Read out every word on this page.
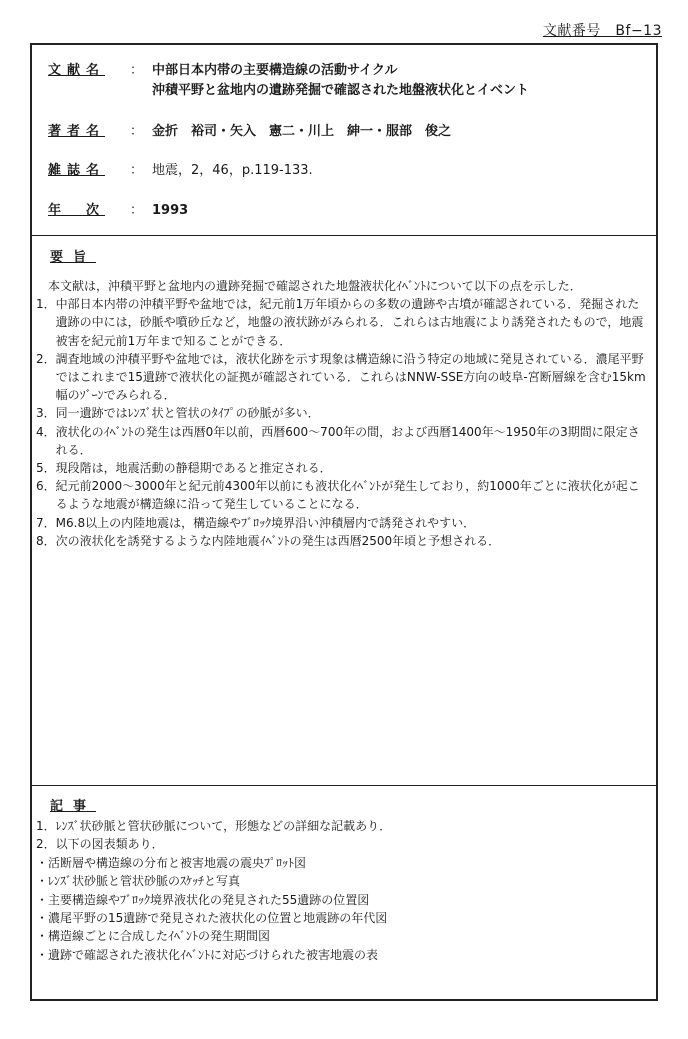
文献番号　Bf−13
文献名 ： 中部日本内帯の主要構造線の活動サイクル
沖積平野と盆地内の遺跡発掘で確認された地盤液状化とイベント
著者名 ： 金折　裕司・矢入　憲二・川上　紳一・服部　俊之
雑誌名 ： 地震，2，46，p.119-133.
年　次 ： 1993
要旨

本文献は，沖積平野と盆地内の遺跡発掘で確認された地盤液状化ｲﾍﾞﾝﾄについて以下の点を示した．

1． 中部日本内帯の沖積平野や盆地では，紀元前1万年頃からの多数の遺跡や古墳が確認されている．発掘された遺跡の中には，砂脈や噴砂丘など，地盤の液状跡がみられる．これらは古地震により誘発されたもので，地震被害を紀元前1万年まで知ることができる．
2． 調査地域の沖積平野や盆地では，液状化跡を示す現象は構造線に沿う特定の地域に発見されている．濃尾平野ではこれまで15遺跡で液状化の証拠が確認されている．これらはNNW-SSE方向の岐阜-宮断層線を含む15km幅のｿﾞｰﾝでみられる．
3． 同一遺跡ではﾚﾝｽﾞ状と管状のﾀｲﾌﾟの砂脈が多い．
4． 液状化のｲﾍﾞﾝﾄの発生は西暦0年以前，西暦600〜700年の間，および西暦1400年〜1950年の3期間に限定される．
5． 現段階は，地震活動の静穏期であると推定される．
6． 紀元前2000〜3000年と紀元前4300年以前にも液状化ｲﾍﾞﾝﾄが発生しており，約1000年ごとに液状化が起こるような地震が構造線に沿って発生していることになる．
7． M6.8以上の内陸地震は，構造線やﾌﾞﾛｯｸ境界沿い沖積層内で誘発されやすい．
8． 次の液状化を誘発するような内陸地震ｲﾍﾞﾝﾄの発生は西暦2500年頃と予想される．
記事
1． ﾚﾝｽﾞ状砂脈と管状砂脈について，形態などの詳細な記載あり．
2． 以下の図表類あり．
・ 活断層や構造線の分布と被害地震の震央ﾌﾟﾛｯﾄ図
・ ﾚﾝｽﾞ状砂脈と管状砂脈のｽｹｯﾁと写真
・ 主要構造線やﾌﾞﾛｯｸ境界液状化の発見された55遺跡の位置図
・ 濃尾平野の15遺跡で発見された液状化の位置と地震跡の年代図
・ 構造線ごとに合成したｲﾍﾞﾝﾄの発生期間図
・ 遺跡で確認された液状化ｲﾍﾞﾝﾄに対応づけられた被害地震の表
